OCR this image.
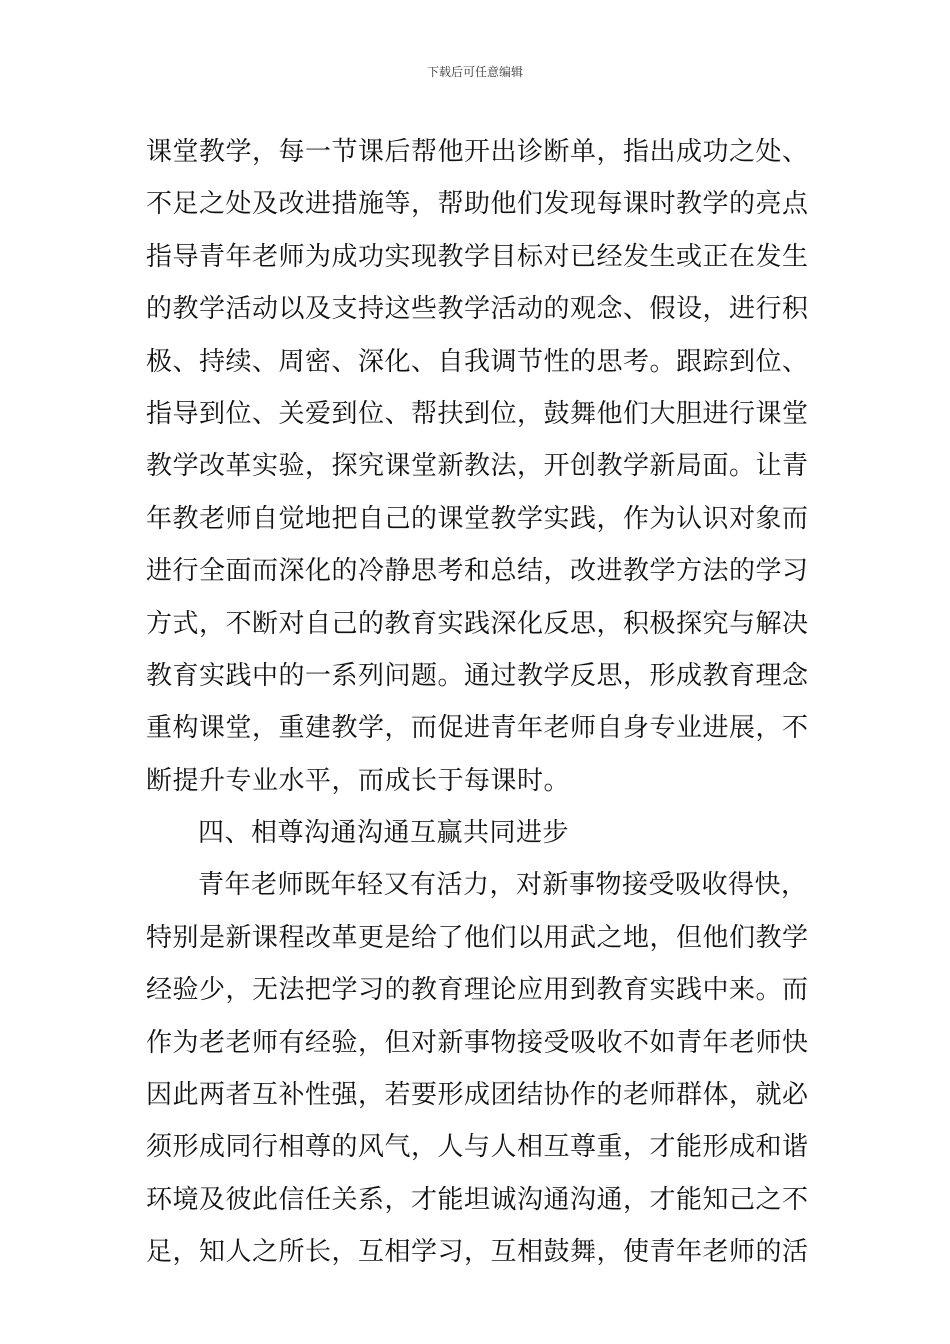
下载后可任意编辑
课堂教学，每一节课后帮他开出诊断单，指出成功之处、
不足之处及改进措施等，帮助他们发现每课时教学的亮点
指导青年老师为成功实现教学目标对已经发生或正在发生
的教学活动以及支持这些教学活动的观念、假设，进行积
极、持续、周密、深化、自我调节性的思考。跟踪到位、
指导到位、关爱到位、帮扶到位，鼓舞他们大胆进行课堂
教学改革实验，探究课堂新教法，开创教学新局面。让青
年教老师自觉地把自己的课堂教学实践，作为认识对象而
进行全面而深化的冷静思考和总结，改进教学方法的学习
方式，不断对自己的教育实践深化反思，积极探究与解决
教育实践中的一系列问题。通过教学反思，形成教育理念
重构课堂，重建教学，而促进青年老师自身专业进展，不
断提升专业水平，而成长于每课时。
四、相尊沟通沟通互赢共同进步
青年老师既年轻又有活力，对新事物接受吸收得快，
特别是新课程改革更是给了他们以用武之地，但他们教学
经验少，无法把学习的教育理论应用到教育实践中来。而
作为老老师有经验，但对新事物接受吸收不如青年老师快
因此两者互补性强，若要形成团结协作的老师群体，就必
须形成同行相尊的风气，人与人相互尊重，才能形成和谐
环境及彼此信任关系，才能坦诚沟通沟通，才能知己之不
足，知人之所长，互相学习，互相鼓舞，使青年老师的活
